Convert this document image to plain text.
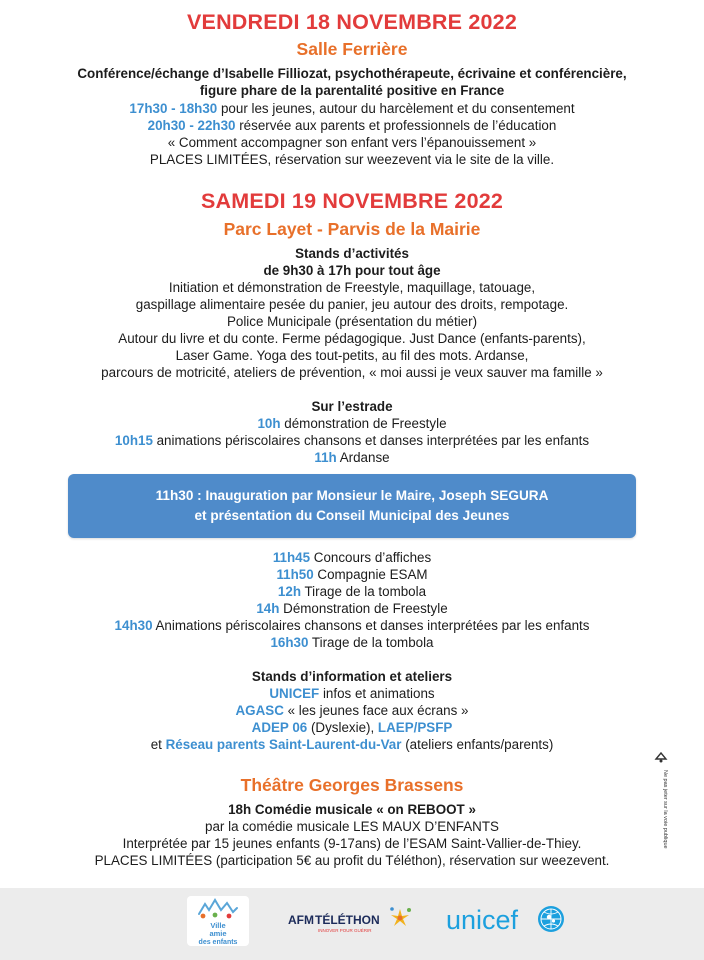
VENDREDI 18 NOVEMBRE 2022
Salle Ferrière
Conférence/échange d’Isabelle Filliozat, psychothérapeute, écrivaine et conférencière,
figure phare de la parentalité positive en France
17h30 - 18h30 pour les jeunes, autour du harcèlement et du consentement
20h30 - 22h30 réservée aux parents et professionnels de l’éducation
« Comment accompagner son enfant vers l’épanouissement »
PLACES LIMITÉES, réservation sur weezevent via le site de la ville.
SAMEDI 19 NOVEMBRE 2022
Parc Layet - Parvis de la Mairie
Stands d’activités
de 9h30 à 17h pour tout âge
Initiation et démonstration de Freestyle, maquillage, tatouage,
gaspillage alimentaire pesée du panier, jeu autour des droits, rempotage.
Police Municipale (présentation du métier)
Autour du livre et du conte. Ferme pédagogique. Just Dance (enfants-parents),
Laser Game. Yoga des tout-petits, au fil des mots. Ardanse,
parcours de motricité, ateliers de prévention, « moi aussi je veux sauver ma famille »
Sur l’estrade
10h démonstration de Freestyle
10h15 animations périscolaires chansons et danses interprétées par les enfants
11h Ardanse
11h30 : Inauguration par Monsieur le Maire, Joseph SEGURA
et présentation du Conseil Municipal des Jeunes
11h45 Concours d’affiches
11h50 Compagnie ESAM
12h Tirage de la tombola
14h Démonstration de Freestyle
14h30 Animations périscolaires chansons et danses interprétées par les enfants
16h30 Tirage de la tombola
Stands d’information et ateliers
UNICEF infos et animations
AGASC « les jeunes face aux écrans »
ADEP 06 (Dyslexie), LAEP/PSFP
et Réseau parents Saint-Laurent-du-Var (ateliers enfants/parents)
Théâtre Georges Brassens
18h Comédie musicale « on REBOOT »
par la comédie musicale LES MAUX D’ENFANTS
Interprétée par 15 jeunes enfants (9-17ans) de l’ESAM Saint-Vallier-de-Thiey.
PLACES LIMITÉES (participation 5€ au profit du Téléthon), réservation sur weezevent.
Ne pas jeter sur la voie publique
Ville
amie
des enfants
AFM TÉLÉTHON
INNOVER POUR GUÉRIR	unicef
